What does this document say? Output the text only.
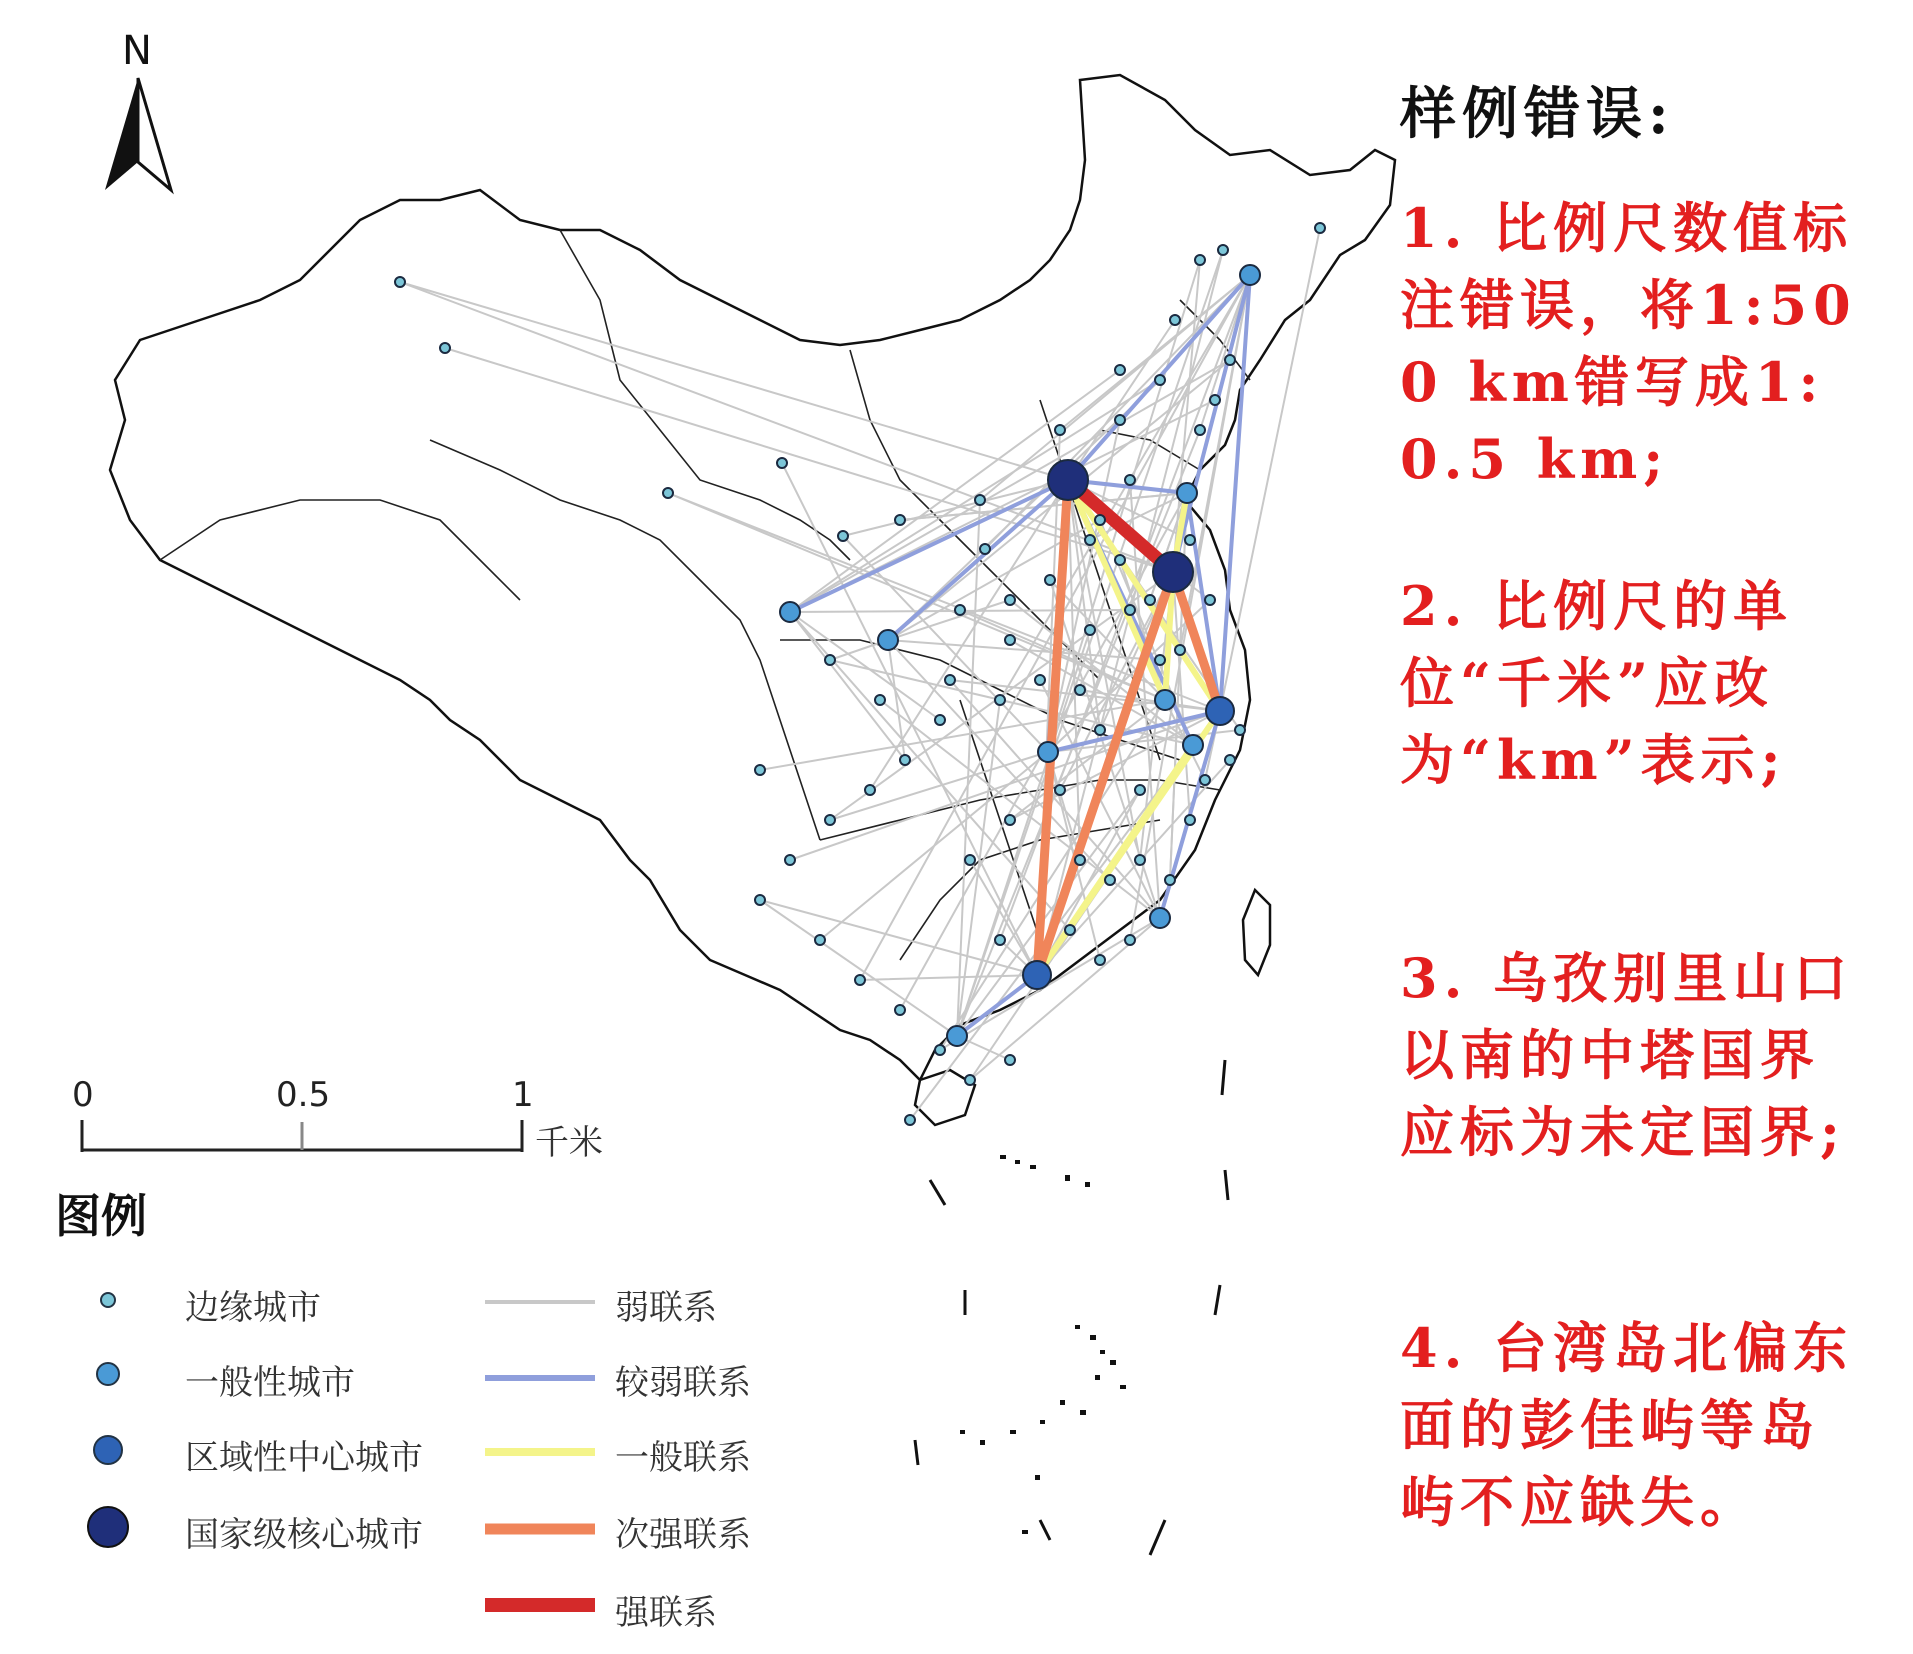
N
0	0.5	1
千米
图例
边缘城市
一般性城市
区域性中心城市
国家级核心城市
弱联系
较弱联系
一般联系
次强联系
强联系
样例错误:
1. 比例尺数值标注错误，将1:500 km错写成1:0.5 km;
2. 比例尺的单位“千米”应改为“km”表示;
3. 乌孜别里山口以南的中塔国界应标为未定国界;
4. 台湾岛北偏东面的彭佳屿等岛屿不应缺失。
